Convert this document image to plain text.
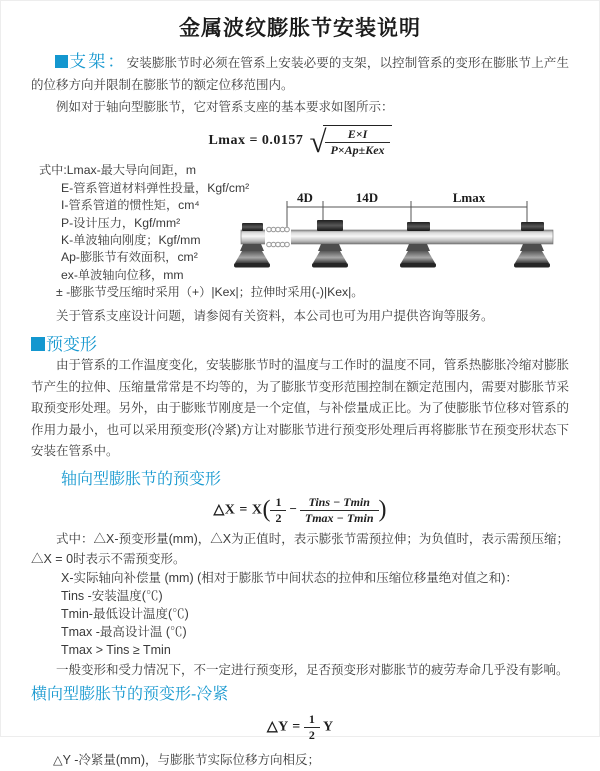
金属波纹膨胀节安装说明

支架：安装膨胀节时必须在管系上安装必要的支架，以控制管系的变形在膨胀节上产生的位移方向并限制在膨胀节的额定位移范围内。

例如对于轴向型膨胀节，它对管系支座的基本要求如图所示：

Lmax = 0.0157 √ $\frac{E\times I}{\text{P×Ap±Kex}}$
式中:Lmax-最大导向间距，m
E-管系管道材料弹性投量，Kgf/cm²
I-管系管道的惯性矩，cm⁴
P-设计压力，Kgf/mm²
K-单波轴向刚度；Kgf/mm
Ap-膨胀节有效面积，cm²
ex-单波轴向位移，mm
± -膨胀节受压缩时采用（+）|Kex|；拉伸时采用(-)|Kex|。
4D	14D	Lmax

关于管系支座设计问题，请参阅有关资料，本公司也可为用户提供咨询等服务。

预变形

由于管系的工作温度变化，安装膨胀节时的温度与工作时的温度不同，管系热膨胀冷缩对膨胀节产生的拉伸、压缩量常常是不均等的，为了膨胀节变形范围控制在额定范围内，需要对膨胀节采取预变形处理。另外，由于膨账节刚度是一个定值，与补偿量成正比。为了使膨胀节位移对管系的作用力最小，也可以采用预变形(冷紧)方让对膨胀节进行预变形处理后再将膨胀节在预变形状态下安装在管系中。

轴向型膨胀节的预变形
△X = $X( \frac{1}{2} - \frac{\text{Tins − Tmin}}{Tmax - Tmin}$ )

式中：△X-预变形量(mm)，△X为正值时，表示膨张节需预拉伸；为负值时，表示需预压缩；△X = 0时表示不需预变形。

X-实际轴向补偿量 (mm) (相对于膨胀节中间状态的拉伸和压缩位移量绝对值之和)：
Tins -安装温度(℃)
Tmin-最低设计温度(℃)
Tmax -最高设计温 (℃)
Tmax > Tins ≥ Tmin

一般变形和受力情况下，不一定进行预变形，足否预变形对膨胀节的疲劳寿命几乎没有影响。

横向型膨胀节的预变形-冷紧
△Y = $\frac{1}{2}$ Y

△Y -冷紧量(mm)，与膨胀节实际位移方向相反；
